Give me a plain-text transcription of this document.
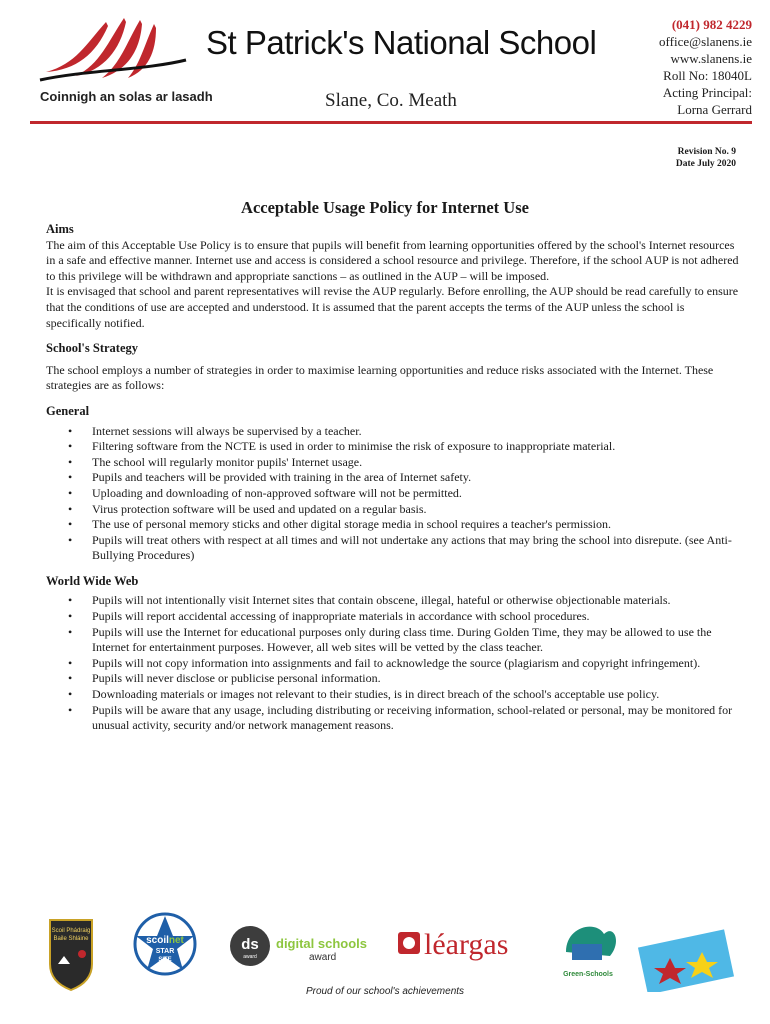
Coinnigh an solas ar lasadh
St Patrick's National School
Slane, Co. Meath
(041) 982 4229
office@slanens.ie
www.slanens.ie
Roll No: 18040L
Acting Principal:
Lorna Gerrard
Revision No. 9
Date July 2020
Acceptable Usage Policy for Internet Use
Aims

The aim of this Acceptable Use Policy is to ensure that pupils will benefit from learning opportunities offered by the school's Internet resources in a safe and effective manner. Internet use and access is considered a school resource and privilege. Therefore, if the school AUP is not adhered to this privilege will be withdrawn and appropriate sanctions – as outlined in the AUP – will be imposed.

It is envisaged that school and parent representatives will revise the AUP regularly. Before enrolling, the AUP should be read carefully to ensure that the conditions of use are accepted and understood. It is assumed that the parent accepts the terms of the AUP unless the school is specifically notified.

School's Strategy

The school employs a number of strategies in order to maximise learning opportunities and reduce risks associated with the Internet. These strategies are as follows:

General
• Internet sessions will always be supervised by a teacher.
• Filtering software from the NCTE is used in order to minimise the risk of exposure to inappropriate material.
• The school will regularly monitor pupils' Internet usage.
• Pupils and teachers will be provided with training in the area of Internet safety.
• Uploading and downloading of non-approved software will not be permitted.
• Virus protection software will be used and updated on a regular basis.
• The use of personal memory sticks and other digital storage media in school requires a teacher's permission.
• Pupils will treat others with respect at all times and will not undertake any actions that may bring the school into disrepute. (see Anti-Bullying Procedures)
World Wide Web
• Pupils will not intentionally visit Internet sites that contain obscene, illegal, hateful or otherwise objectionable materials.
• Pupils will report accidental accessing of inappropriate materials in accordance with school procedures.
• Pupils will use the Internet for educational purposes only during class time. During Golden Time, they may be allowed to use the Internet for entertainment purposes. However, all web sites will be vetted by the class teacher.
• Pupils will not copy information into assignments and fail to acknowledge the source (plagiarism and copyright infringement).
• Pupils will never disclose or publicise personal information.
• Downloading materials or images not relevant to their studies, is in direct breach of the school's acceptable use policy.
• Pupils will be aware that any usage, including distributing or receiving information, school-related or personal, may be monitored for unusual activity, security and/or network management reasons.
Scoil Phádraig
Baile Shláine	scoilnet
STAR
SITE
ds
award
digital schools
award	léargas
Green-Schools
Proud of our school's achievements
